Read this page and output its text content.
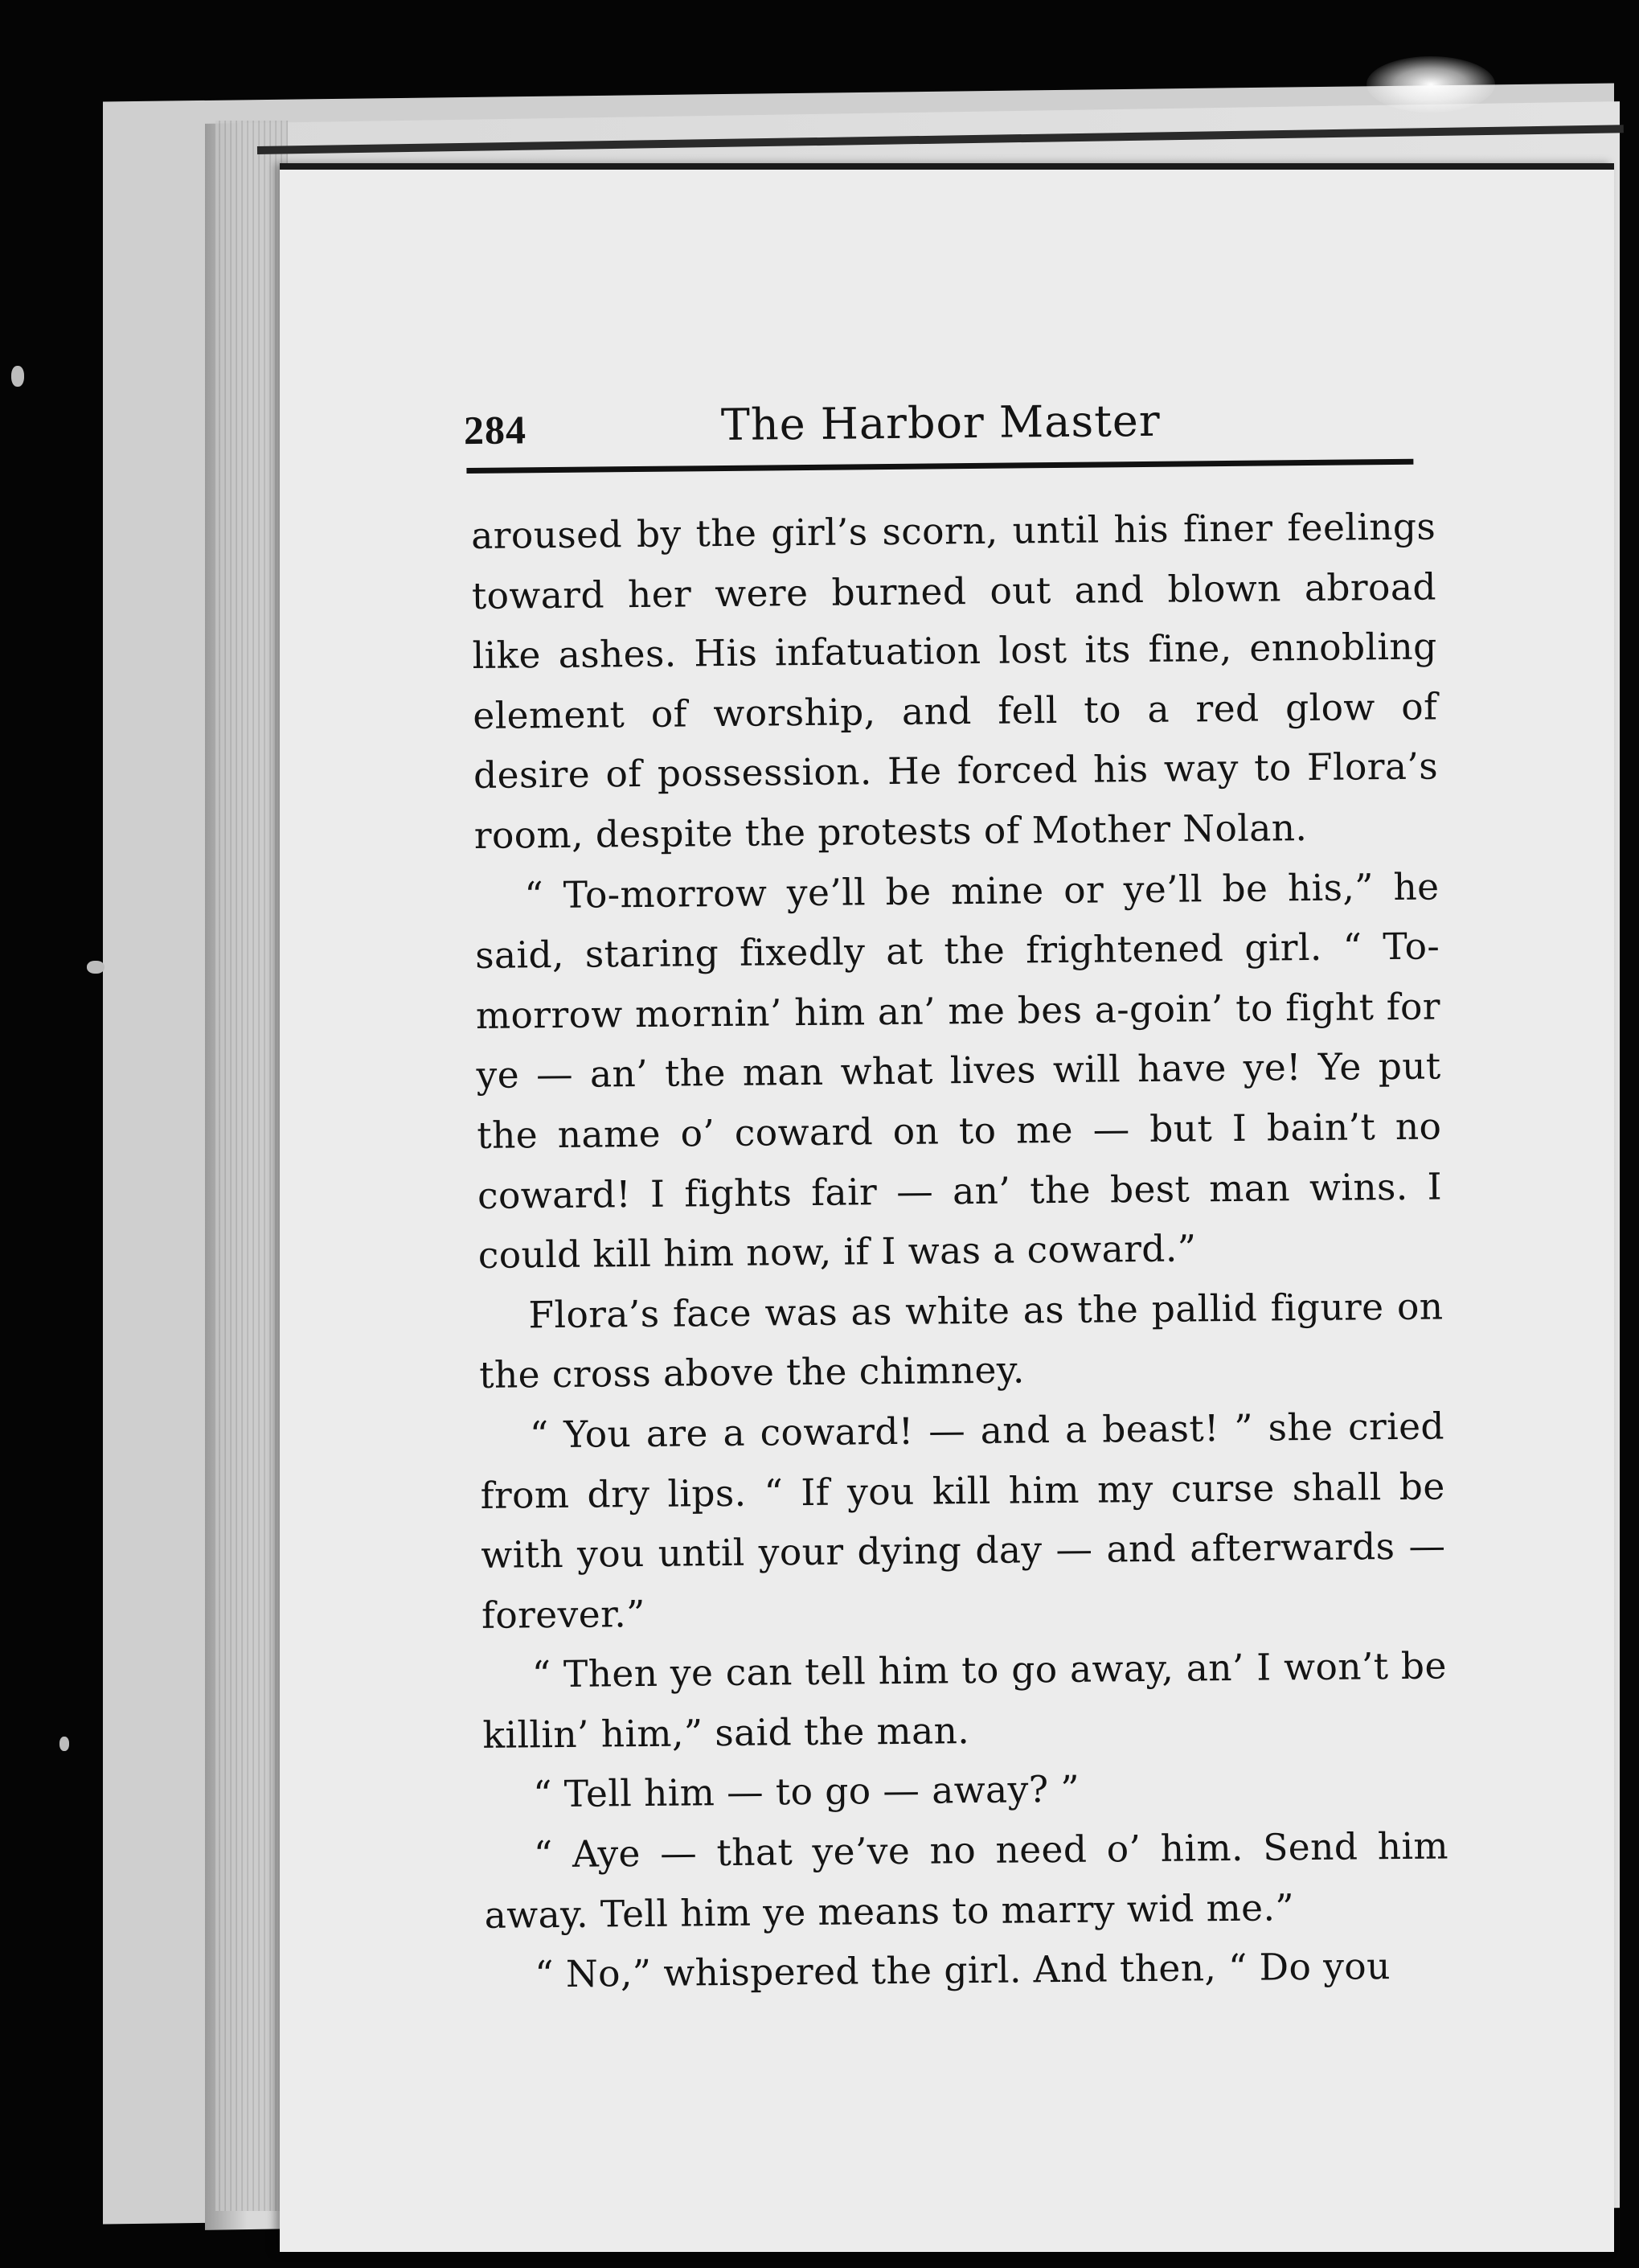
284	The Harbor Master

aroused by the girl’s scorn, until his finer feelings toward her were burned out and blown abroad like ashes. His infatuation lost its fine, ennobling element of worship, and fell to a red glow of desire of possession. He forced his way to Flora’s room, despite the protests of Mother Nolan.

“ To-morrow ye’ll be mine or ye’ll be his,” he said, staring fixedly at the frightened girl. “ To-morrow mornin’ him an’ me bes a-goin’ to fight for ye — an’ the man what lives will have ye! Ye put the name o’ coward on to me — but I bain’t no coward! I fights fair — an’ the best man wins. I could kill him now, if I was a coward.”

Flora’s face was as white as the pallid figure on the cross above the chimney.

“ You are a coward! — and a beast! ” she cried from dry lips. “ If you kill him my curse shall be with you until your dying day — and afterwards — forever.”

“ Then ye can tell him to go away, an’ I won’t be killin’ him,” said the man.

“ Tell him — to go — away? ”

“ Aye — that ye’ve no need o’ him. Send him away. Tell him ye means to marry wid me.”

“ No,” whispered the girl. And then, “ Do you
